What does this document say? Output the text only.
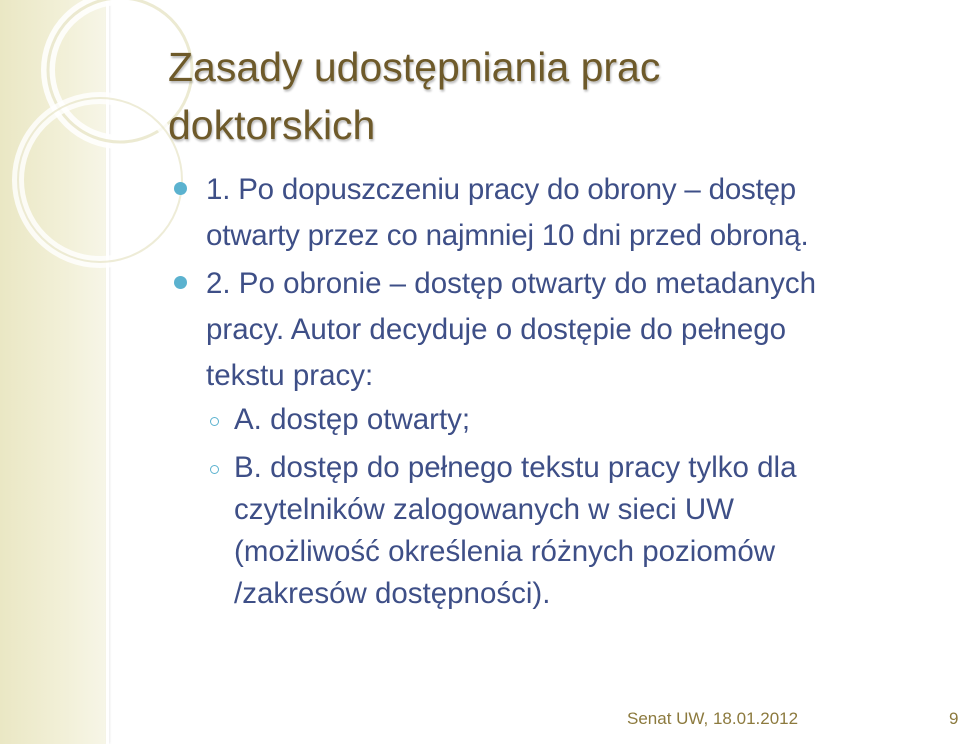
Zasady udostępniania prac
doktorskich
1. Po dopuszczeniu pracy do obrony – dostęp
otwarty przez co najmniej 10 dni przed obroną.
2. Po obronie – dostęp otwarty do metadanych
pracy. Autor decyduje o dostępie do pełnego
tekstu pracy:
A. dostęp otwarty;
B. dostęp do pełnego tekstu pracy tylko dla
czytelników zalogowanych w sieci UW
(możliwość określenia różnych poziomów
/zakresów dostępności).
Senat UW, 18.01.2012	9
